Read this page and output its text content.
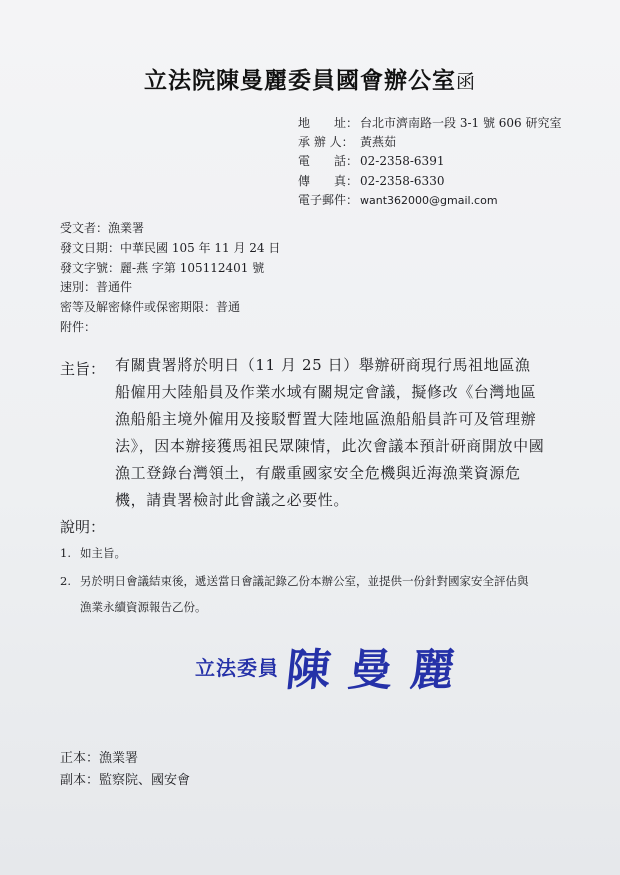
立法院陳曼麗委員國會辦公室函
地　　址： 台北市濟南路一段 3-1 號 606 研究室
承 辦 人： 黃燕茹
電　　話： 02-2358-6391
傳　　真： 02-2358-6330
電子郵件： want362000@gmail.com
受文者：漁業署
發文日期：中華民國 105 年 11 月 24 日
發文字號：麗-燕 字第 105112401 號
速別：普通件
密等及解密條件或保密期限：普通
附件：
主旨： 有關貴署將於明日（11 月 25 日）舉辦研商現行馬祖地區漁
船僱用大陸船員及作業水域有關規定會議，擬修改《台灣地區
漁船船主境外僱用及接駁暫置大陸地區漁船船員許可及管理辦
法》，因本辦接獲馬祖民眾陳情，此次會議本預計研商開放中國
漁工登錄台灣領土，有嚴重國家安全危機與近海漁業資源危
機，請貴署檢討此會議之必要性。
說明：
1. 如主旨。
2. 另於明日會議結束後，遞送當日會議記錄乙份本辦公室，並提供一份針對國家安全評估與
漁業永續資源報告乙份。
立法委員 陳曼麗
正本：漁業署
副本：監察院、國安會
